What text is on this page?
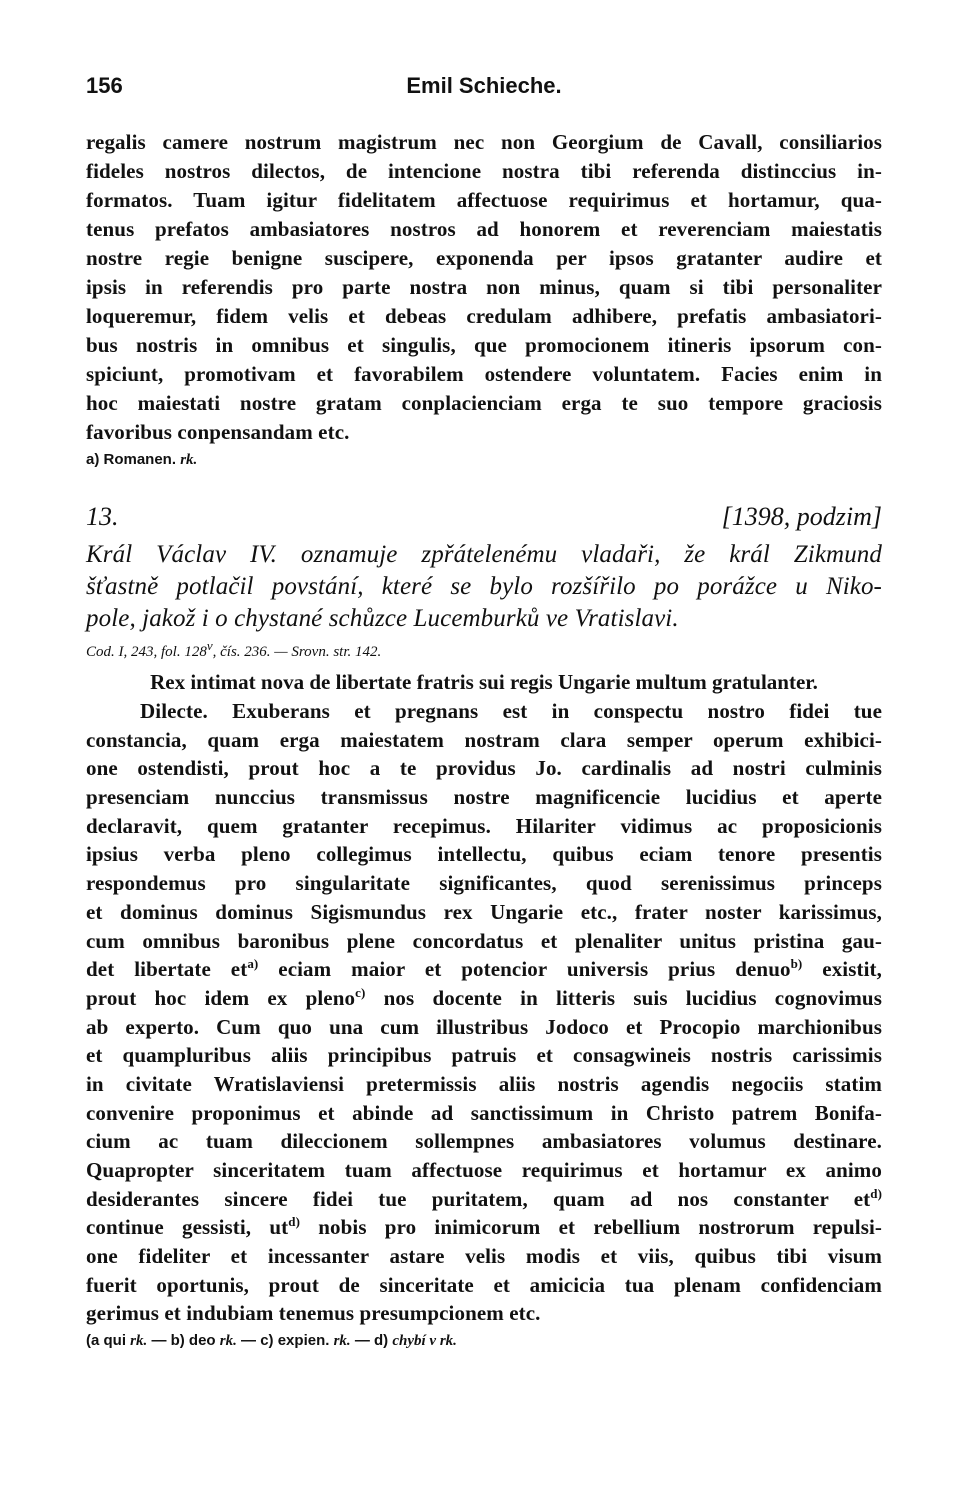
156	Emil Schieche.
regalis camere nostrum magistrum nec non Georgium de Cavall, consiliarios
fideles nostros dilectos, de intencione nostra tibi referenda distinccius in-
formatos. Tuam igitur fidelitatem affectuose requirimus et hortamur, qua-
tenus prefatos ambasiatores nostros ad honorem et reverenciam maiestatis
nostre regie benigne suscipere, exponenda per ipsos gratanter audire et
ipsis in referendis pro parte nostra non minus, quam si tibi personaliter
loqueremur, fidem velis et debeas credulam adhibere, prefatis ambasiatori-
bus nostris in omnibus et singulis, que promocionem itineris ipsorum con-
spiciunt, promotivam et favorabilem ostendere voluntatem. Facies enim in
hoc maiestati nostre gratam conplacienciam erga te suo tempore graciosis
favoribus conpensandam etc.
a) Romanen. rk.
13.	[1398, podzim]
Král Václav IV. oznamuje zpřátelenému vladaři, že král Zikmund
šťastně potlačil povstání, které se bylo rozšířilo po porážce u Niko-
pole, jakož i o chystané schůzce Lucemburků ve Vratislavi.
Cod. I, 243, fol. 128$^v$, čís. 236. — Srovn. str. 142.
Rex intimat nova de libertate fratris sui regis Ungarie multum gratulanter.
Dilecte. Exuberans et pregnans est in conspectu nostro fidei tue
constancia, quam erga maiestatem nostram clara semper operum exhibici-
one ostendisti, prout hoc a te providus Jo. cardinalis ad nostri culminis
presenciam nunccius transmissus nostre magnificencie lucidius et aperte
declaravit, quem gratanter recepimus. Hilariter vidimus ac proposicionis
ipsius verba pleno collegimus intellectu, quibus eciam tenore presentis
respondemus pro singularitate significantes, quod serenissimus princeps
et dominus dominus Sigismundus rex Ungarie etc., frater noster karissimus,
cum omnibus baronibus plene concordatus et plenaliter unitus pristina gau-
det libertate $et^{a)}$ eciam maior et potencior universis prius denuo$^{b)}$ existit,
prout hoc idem ex pleno$^{c)}$ nos docente in litteris suis lucidius cognovimus
ab experto. Cum quo una cum illustribus Jodoco et Procopio marchionibus
et quampluribus aliis principibus patruis et consagwineis nostris carissimis
in civitate Wratislaviensi pretermissis aliis nostris agendis negociis statim
convenire proponimus et abinde ad sanctissimum in Christo patrem Bonifa-
cium ac tuam dileccionem sollempnes ambasiatores volumus destinare.
Quapropter sinceritatem tuam affectuose requirimus et hortamur ex animo
desiderantes sincere fidei tue puritatem, quam ad nos constanter $et^{d)}$
continue gessisti, $ut^{d)}$ nobis pro inimicorum et rebellium nostrorum repulsi-
one fideliter et incessanter astare velis modis et viis, quibus tibi visum
fuerit oportunis, prout de sinceritate et amicicia tua plenam confidenciam
gerimus et indubiam tenemus presumpcionem etc.
(a qui rk. — b) deo rk. — c) expien. rk. — d) chybí v rk.
